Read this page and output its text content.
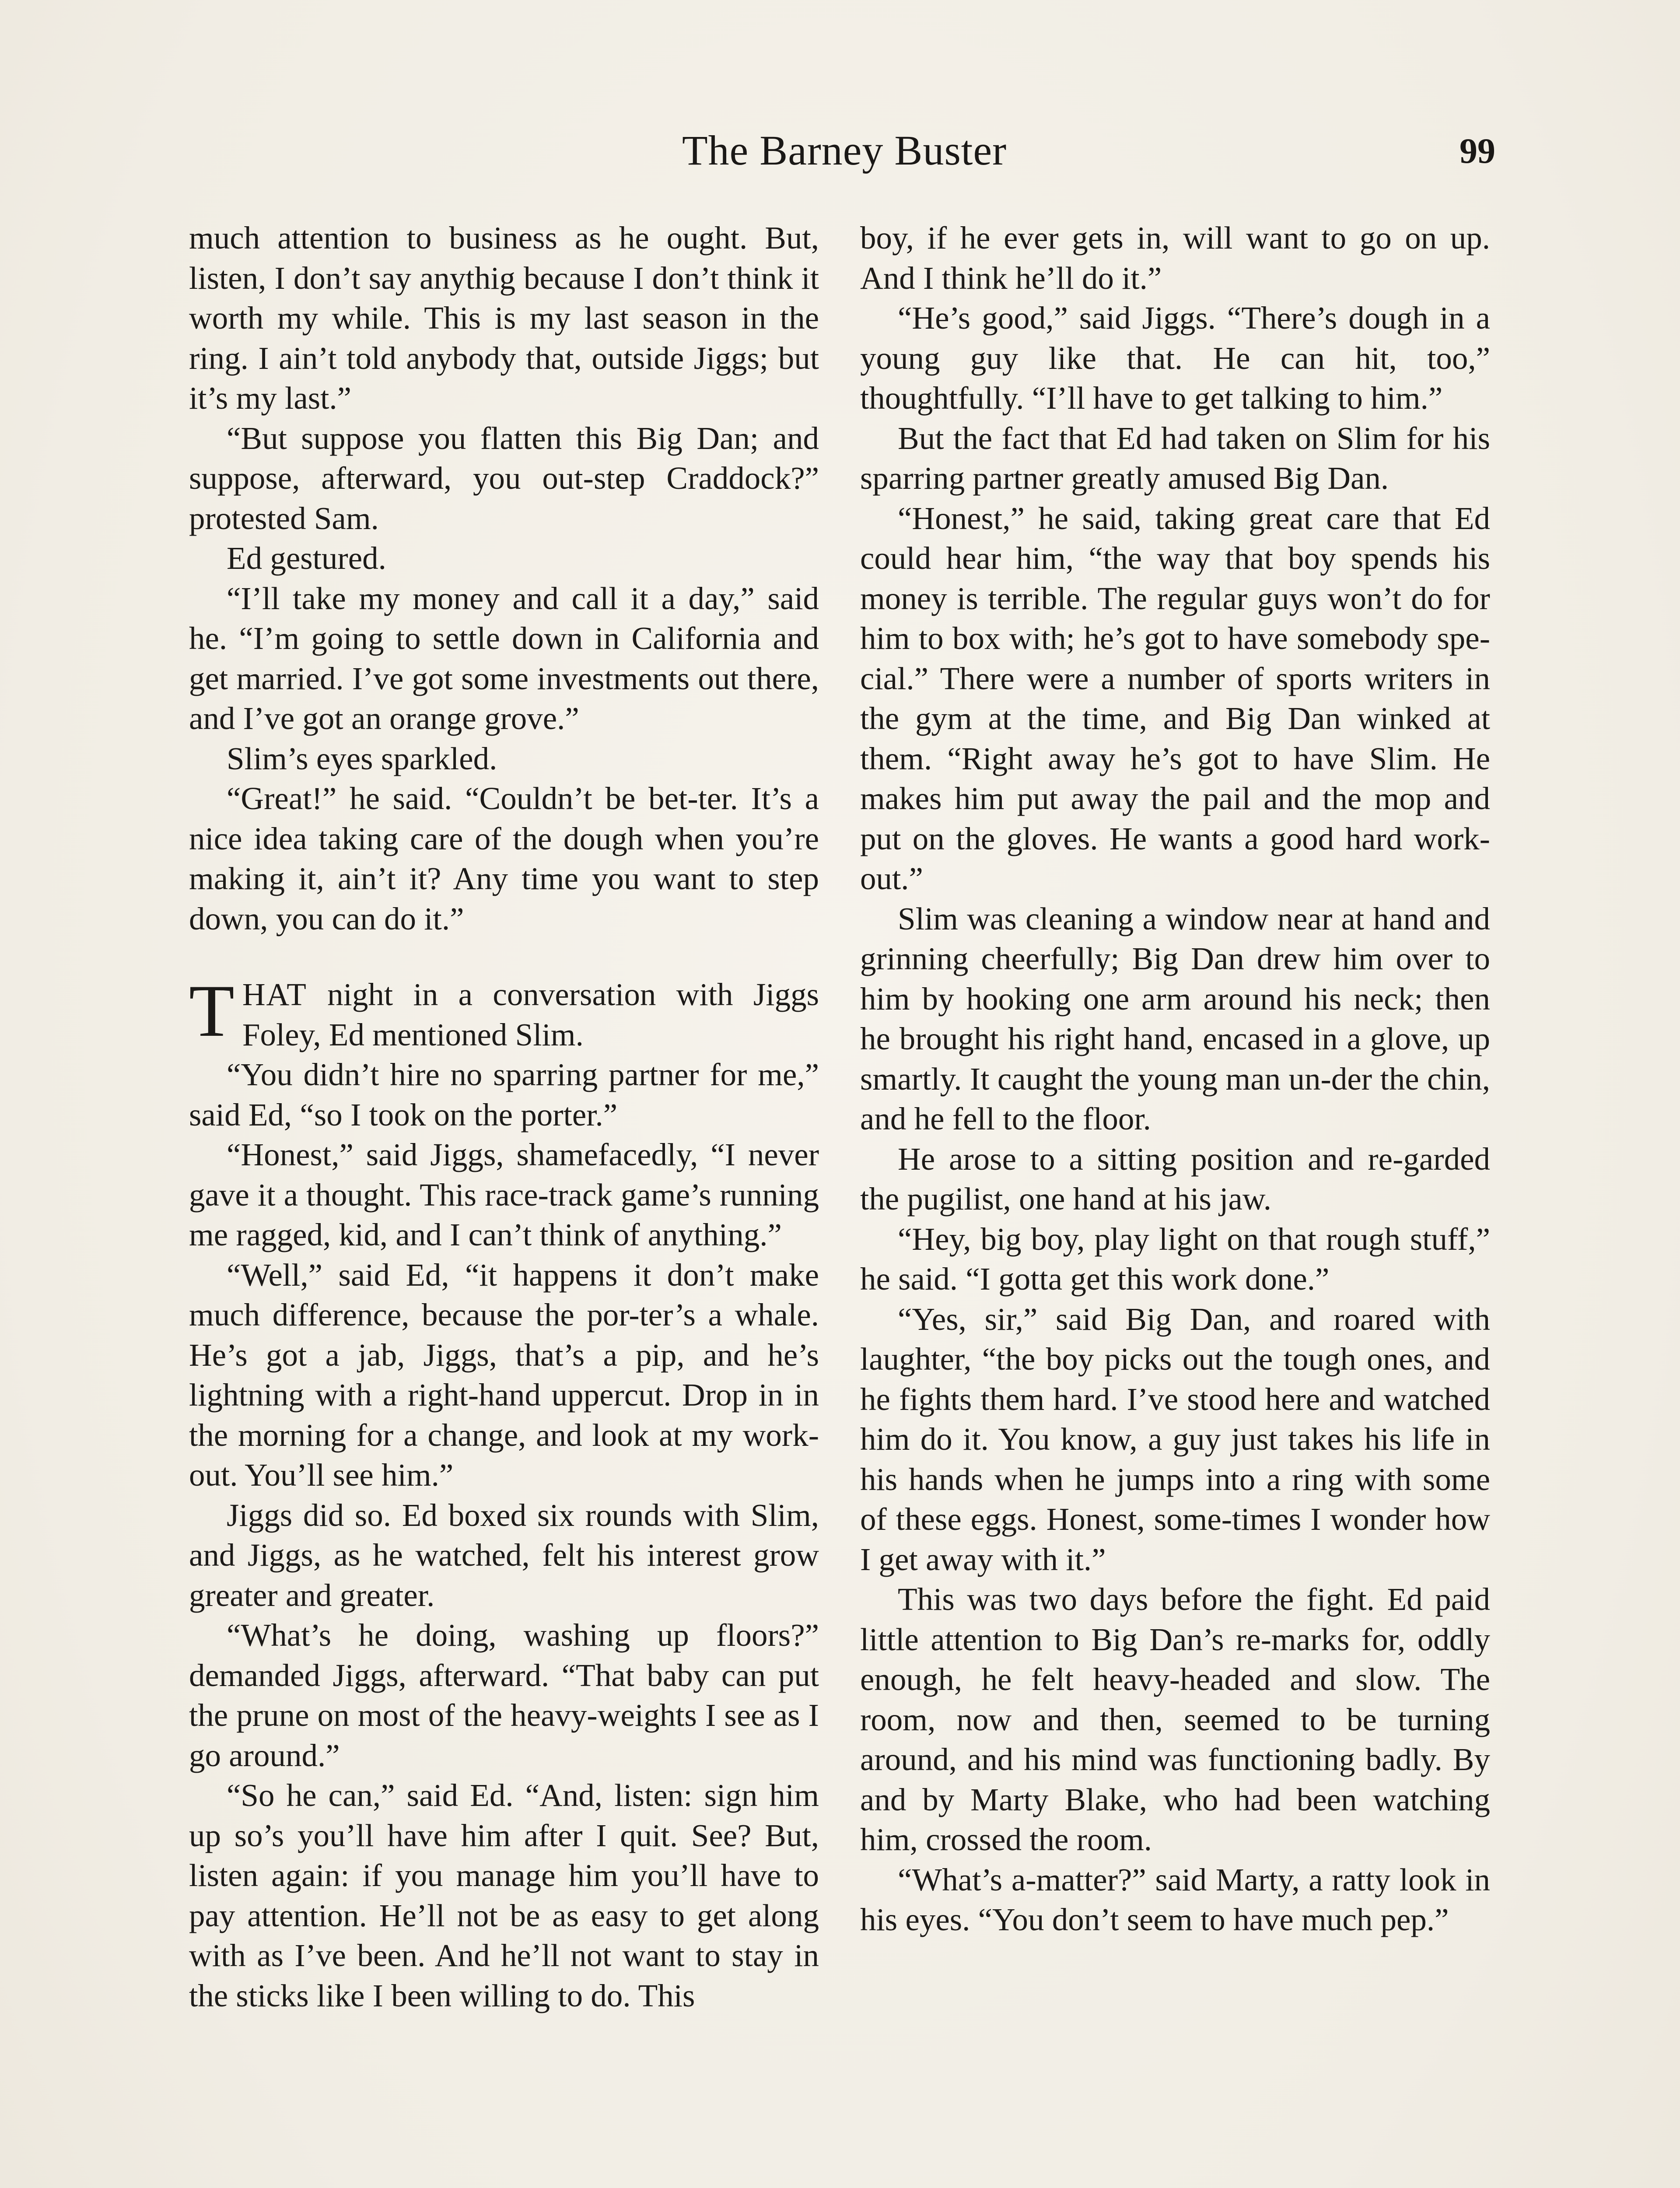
The Barney Buster	99

much attention to business as he ought. But, listen, I don’t say anythig because I don’t think it worth my while. This is my last season in the ring. I ain’t told anybody that, outside Jiggs; but it’s my last.”

“But suppose you flatten this Big Dan; and suppose, afterward, you out-step Craddock?” protested Sam.

Ed gestured.

“I’ll take my money and call it a day,” said he. “I’m going to settle down in California and get married. I’ve got some investments out there, and I’ve got an orange grove.”

Slim’s eyes sparkled.

“Great!” he said. “Couldn’t be bet-ter. It’s a nice idea taking care of the dough when you’re making it, ain’t it? Any time you want to step down, you can do it.”

THAT night in a conversation with Jiggs Foley, Ed mentioned Slim.

“You didn’t hire no sparring partner for me,” said Ed, “so I took on the porter.”

“Honest,” said Jiggs, shamefacedly, “I never gave it a thought. This race-track game’s running me ragged, kid, and I can’t think of anything.”

“Well,” said Ed, “it happens it don’t make much difference, because the por-ter’s a whale. He’s got a jab, Jiggs, that’s a pip, and he’s lightning with a right-hand uppercut. Drop in in the morning for a change, and look at my work-out. You’ll see him.”

Jiggs did so. Ed boxed six rounds with Slim, and Jiggs, as he watched, felt his interest grow greater and greater.

“What’s he doing, washing up floors?” demanded Jiggs, afterward. “That baby can put the prune on most of the heavy-weights I see as I go around.”

“So he can,” said Ed. “And, listen: sign him up so’s you’ll have him after I quit. See? But, listen again: if you manage him you’ll have to pay attention. He’ll not be as easy to get along with as I’ve been. And he’ll not want to stay in the sticks like I been willing to do. This

boy, if he ever gets in, will want to go on up. And I think he’ll do it.”

“He’s good,” said Jiggs. “There’s dough in a young guy like that. He can hit, too,” thoughtfully. “I’ll have to get talking to him.”

But the fact that Ed had taken on Slim for his sparring partner greatly amused Big Dan.

“Honest,” he said, taking great care that Ed could hear him, “the way that boy spends his money is terrible. The regular guys won’t do for him to box with; he’s got to have somebody spe-cial.” There were a number of sports writers in the gym at the time, and Big Dan winked at them. “Right away he’s got to have Slim. He makes him put away the pail and the mop and put on the gloves. He wants a good hard work-out.”

Slim was cleaning a window near at hand and grinning cheerfully; Big Dan drew him over to him by hooking one arm around his neck; then he brought his right hand, encased in a glove, up smartly. It caught the young man un-der the chin, and he fell to the floor.

He arose to a sitting position and re-garded the pugilist, one hand at his jaw.

“Hey, big boy, play light on that rough stuff,” he said. “I gotta get this work done.”

“Yes, sir,” said Big Dan, and roared with laughter, “the boy picks out the tough ones, and he fights them hard. I’ve stood here and watched him do it. You know, a guy just takes his life in his hands when he jumps into a ring with some of these eggs. Honest, some-times I wonder how I get away with it.”

This was two days before the fight. Ed paid little attention to Big Dan’s re-marks for, oddly enough, he felt heavy-headed and slow. The room, now and then, seemed to be turning around, and his mind was functioning badly. By and by Marty Blake, who had been watching him, crossed the room.

“What’s a-matter?” said Marty, a ratty look in his eyes. “You don’t seem to have much pep.”
